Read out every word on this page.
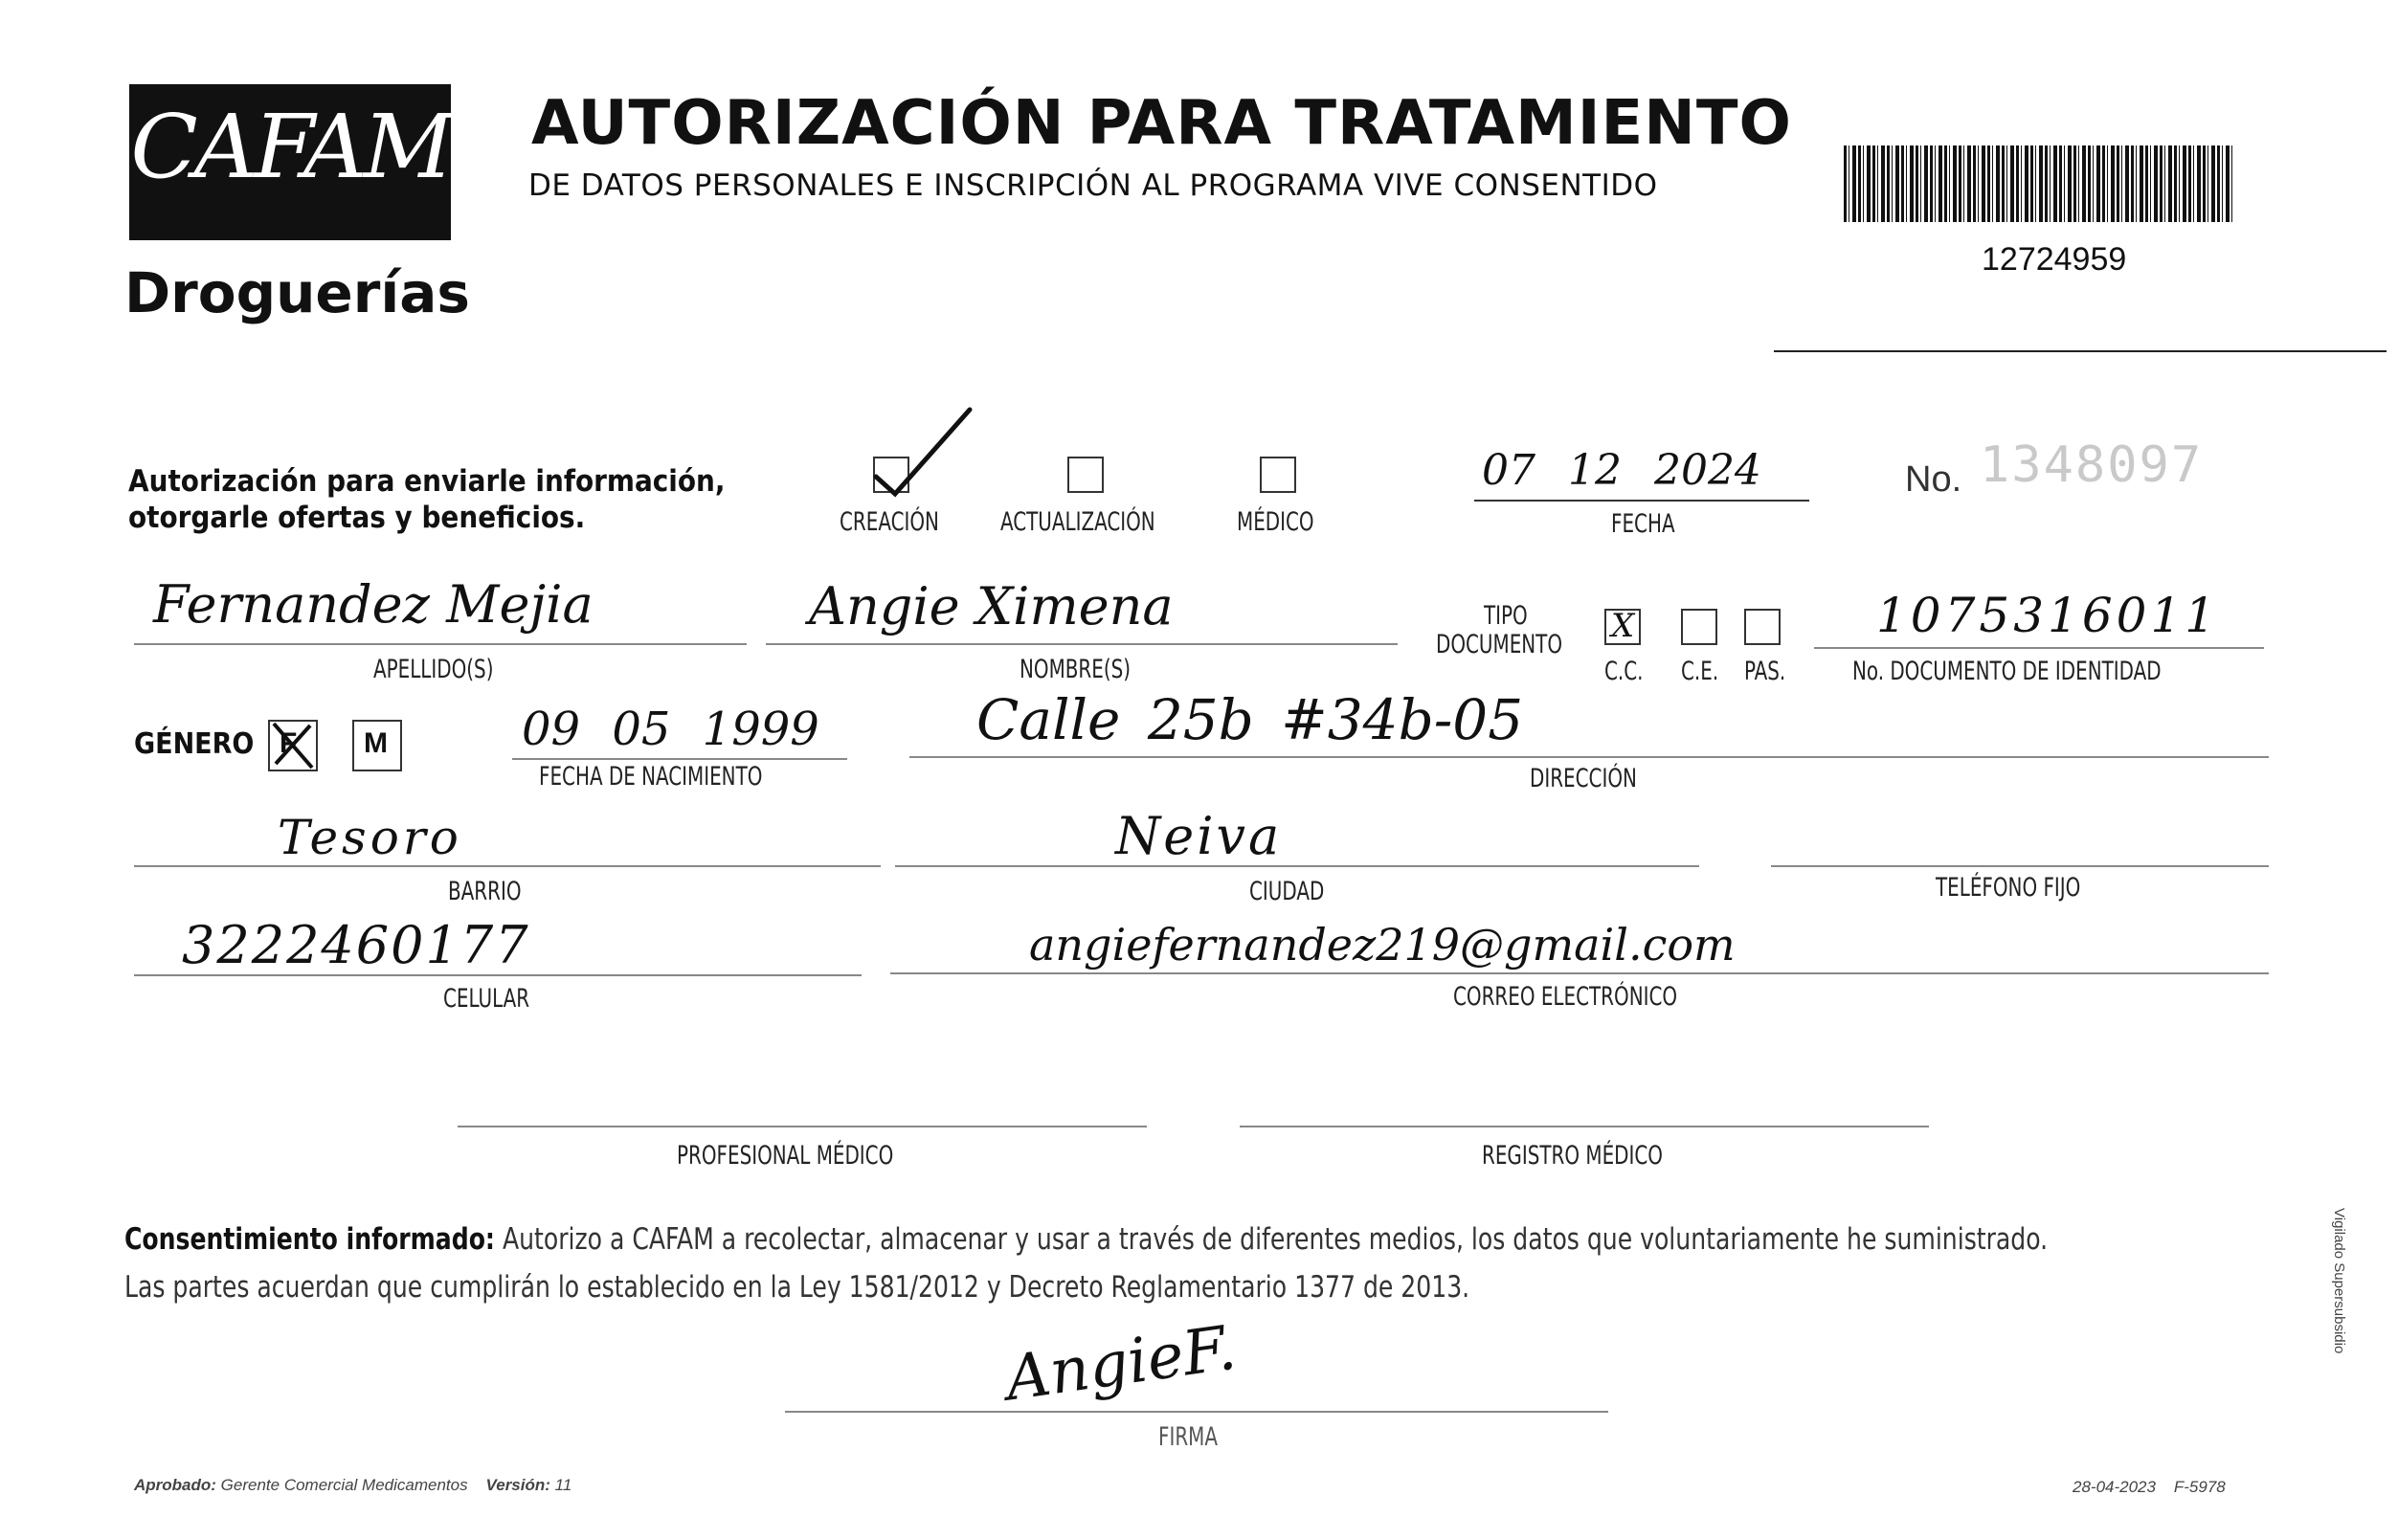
CAFAM
Droguerías
AUTORIZACIÓN PARA TRATAMIENTO
DE DATOS PERSONALES E INSCRIPCIÓN AL PROGRAMA VIVE CONSENTIDO
12724959
Autorización para enviarle información,
otorgarle ofertas y beneficios.	CREACIÓN ACTUALIZACIÓN	MÉDICO
07 12 2024
FECHA
No. 1348097
Fernandez Mejia
APELLIDO(S)
Angie Ximena
NOMBRE(S)
TIPO
DOCUMENTO X
C.C. C.E. PAS.
1075316011
No. DOCUMENTO DE IDENTIDAD
GÉNERO F M	09 05 1999
FECHA DE NACIMIENTO
Calle 25b #34b-05
DIRECCIÓN
Tesoro
BARRIO
Neiva
CIUDAD	TELÉFONO FIJO
3222460177
CELULAR
angiefernandez219@gmail.com
CORREO ELECTRÓNICO
PROFESIONAL MÉDICO	REGISTRO MÉDICO
Consentimiento informado: Autorizo a CAFAM a recolectar, almacenar y usar a través de diferentes medios, los datos que voluntariamente he suministrado.
Las partes acuerdan que cumplirán lo establecido en la Ley 1581/2012 y Decreto Reglamentario 1377 de 2013.
AngieF.
FIRMA
Aprobado: Gerente Comercial Medicamentos Versión: 11	28-04-2023 F-5978
Vigilado Supersubsidio
